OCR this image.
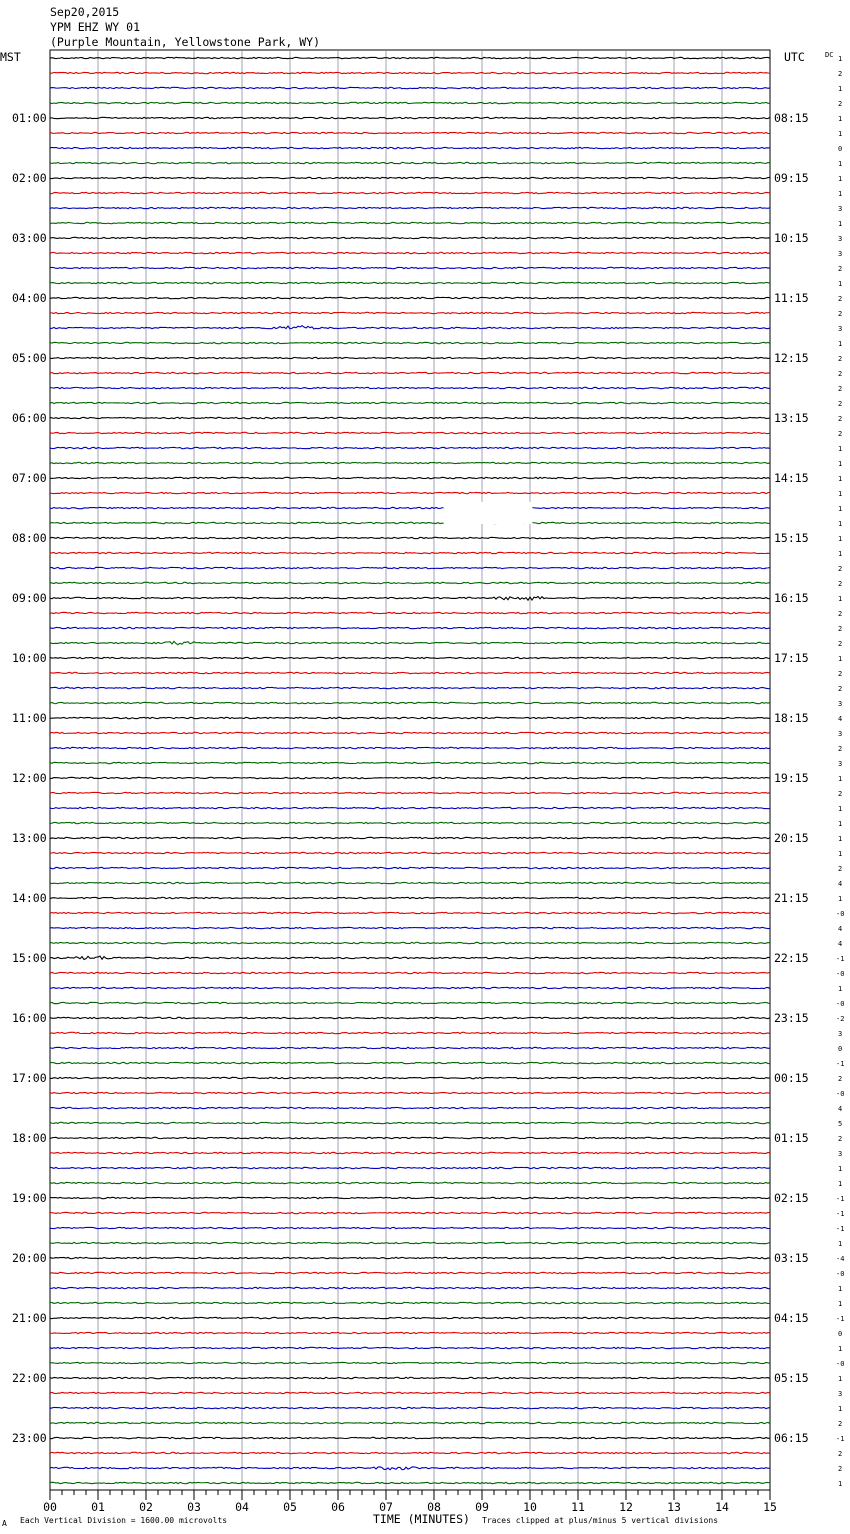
Sep20,2015
YPM EHZ WY 01
(Purple Mountain, Yellowstone Park, WY)
MST	UTC	DC
01:00
02:00
03:00
04:00
05:00
06:00
07:00
08:00
09:00
10:00
11:00
12:00
13:00
14:00
15:00
16:00
17:00
18:00
19:00
20:00
21:00
22:00
23:00
08:15
09:15
10:15
11:15
12:15
13:15
14:15
15:15
16:15
17:15
18:15
19:15
20:15
21:15
22:15
23:15
00:15
01:15
02:15
03:15
04:15
05:15
06:15
1
2
1
2
1
1
0
1
1
1
3
1
3
3
2
1
2
2
3
1
2
2
2
2
2
2
1
1
1
1
1
1
1
1
2
2
1
2
2
2
1
2
2
3
4
3
2
3
1
2
1
1
1
1
2
4
1
-0
4
4
-1
-0
1
-0
-2
3
0
-1
2
-0
4
5
2
3
1
1
-1
-1
-1
1
-4
-0
1
1
-1
0
1
-0
1
3
1
2
-1
2
2
1
00	01	02	03	04	05	06	07	08	09	10	11	12	13	14	15
A Each Vertical Division = 1600.00 microvolts	TIME (MINUTES) Traces clipped at plus/minus 5 vertical divisions
